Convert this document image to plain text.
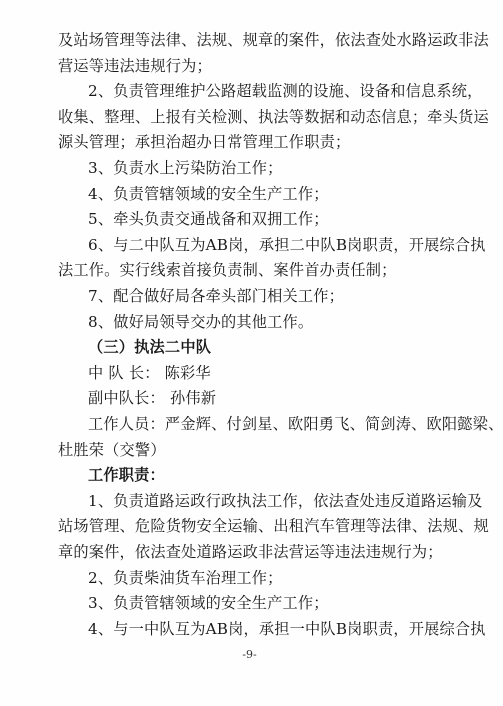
及站场管理等法律、法规、规章的案件，依法查处水路运政非法
营运等违法违规行为；
2、负责管理维护公路超载监测的设施、设备和信息系统，
收集、整理、上报有关检测、执法等数据和动态信息；牵头货运
源头管理；承担治超办日常管理工作职责；
3、负责水上污染防治工作；
4、负责管辖领域的安全生产工作；
5、牵头负责交通战备和双拥工作；
6、与二中队互为AB岗，承担二中队B岗职责，开展综合执
法工作。实行线索首接负责制、案件首办责任制；
7、配合做好局各牵头部门相关工作；
8、做好局领导交办的其他工作。
（三）执法二中队
中 队 长： 陈彩华
副中队长： 孙伟新
工作人员：严金辉、付剑星、欧阳勇飞、简剑涛、欧阳懿梁、
杜胜荣（交警）
工作职责：
1、负责道路运政行政执法工作，依法查处违反道路运输及
站场管理、危险货物安全运输、出租汽车管理等法律、法规、规
章的案件，依法查处道路运政非法营运等违法违规行为；
2、负责柴油货车治理工作；
3、负责管辖领域的安全生产工作；
4、与一中队互为AB岗，承担一中队B岗职责，开展综合执
-9-
